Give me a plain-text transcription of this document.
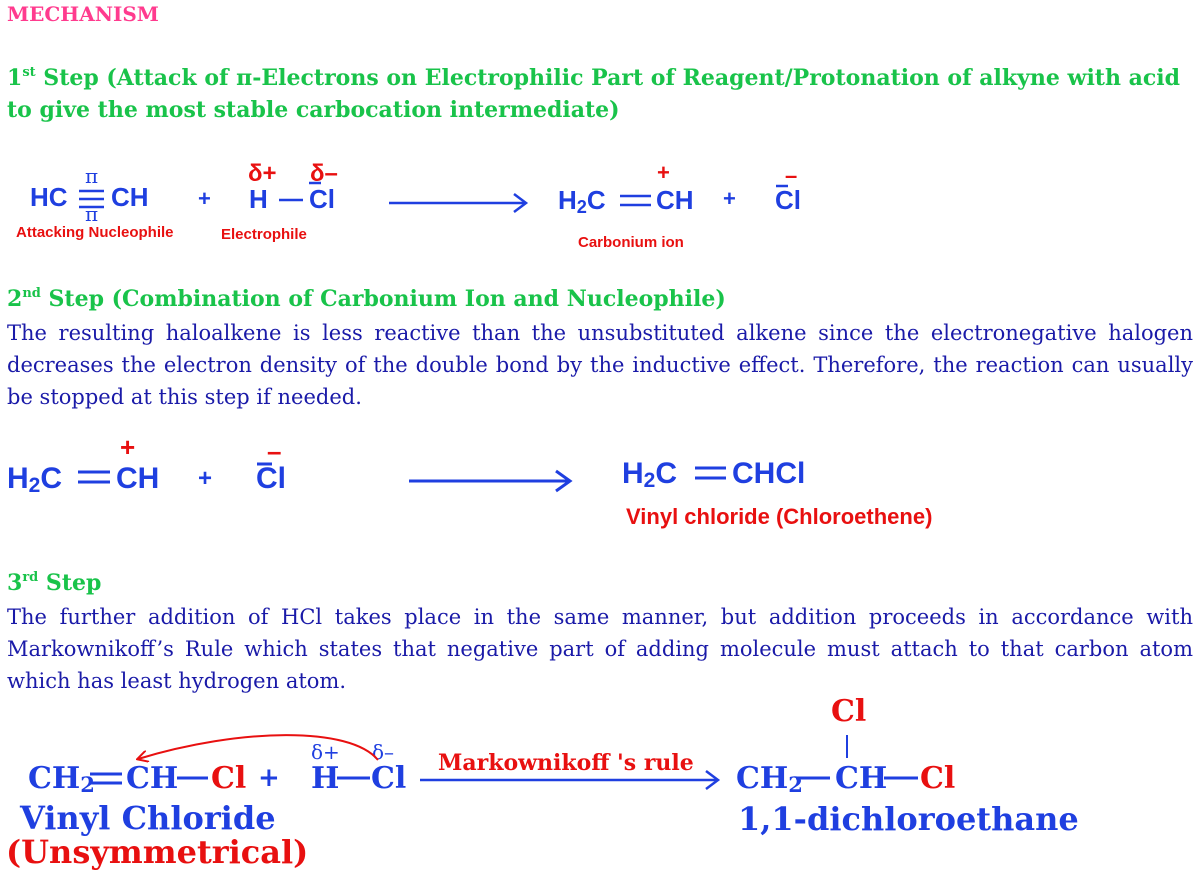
MECHANISM
1st Step (Attack of π-Electrons on Electrophilic Part of Reagent/Protonation of alkyne with acid
to give the most stable carbocation intermediate)
HC CH
π
π
+
δ+ δ–
H Cl
Attacking Nucleophile	Electrophile
$H_2C$ CH
+
+ Cl
–
Carbonium ion
2nd Step (Combination of Carbonium Ion and Nucleophile)
The resulting haloalkene is less reactive than the unsubstituted alkene since the electronegative halogen decreases the electron density of the double bond by the inductive effect. Therefore, the reaction can usually be stopped at this step if needed.
$H_2C$ CH
+
+ Cl
–
$H_2C$ CHCl
Vinyl chloride (Chloroethene)
3rd Step
The further addition of HCl takes place in the same manner, but addition proceeds in accordance with Markownikoff’s Rule which states that negative part of adding molecule must attach to that carbon atom which has least hydrogen atom.
$CH_2$ CH Cl +
δ+ δ–
H Cl Markownikoff 's rule
Vinyl Chloride
(Unsymmetrical)
Cl
$CH_2$ CH Cl
1,1-dichloroethane
